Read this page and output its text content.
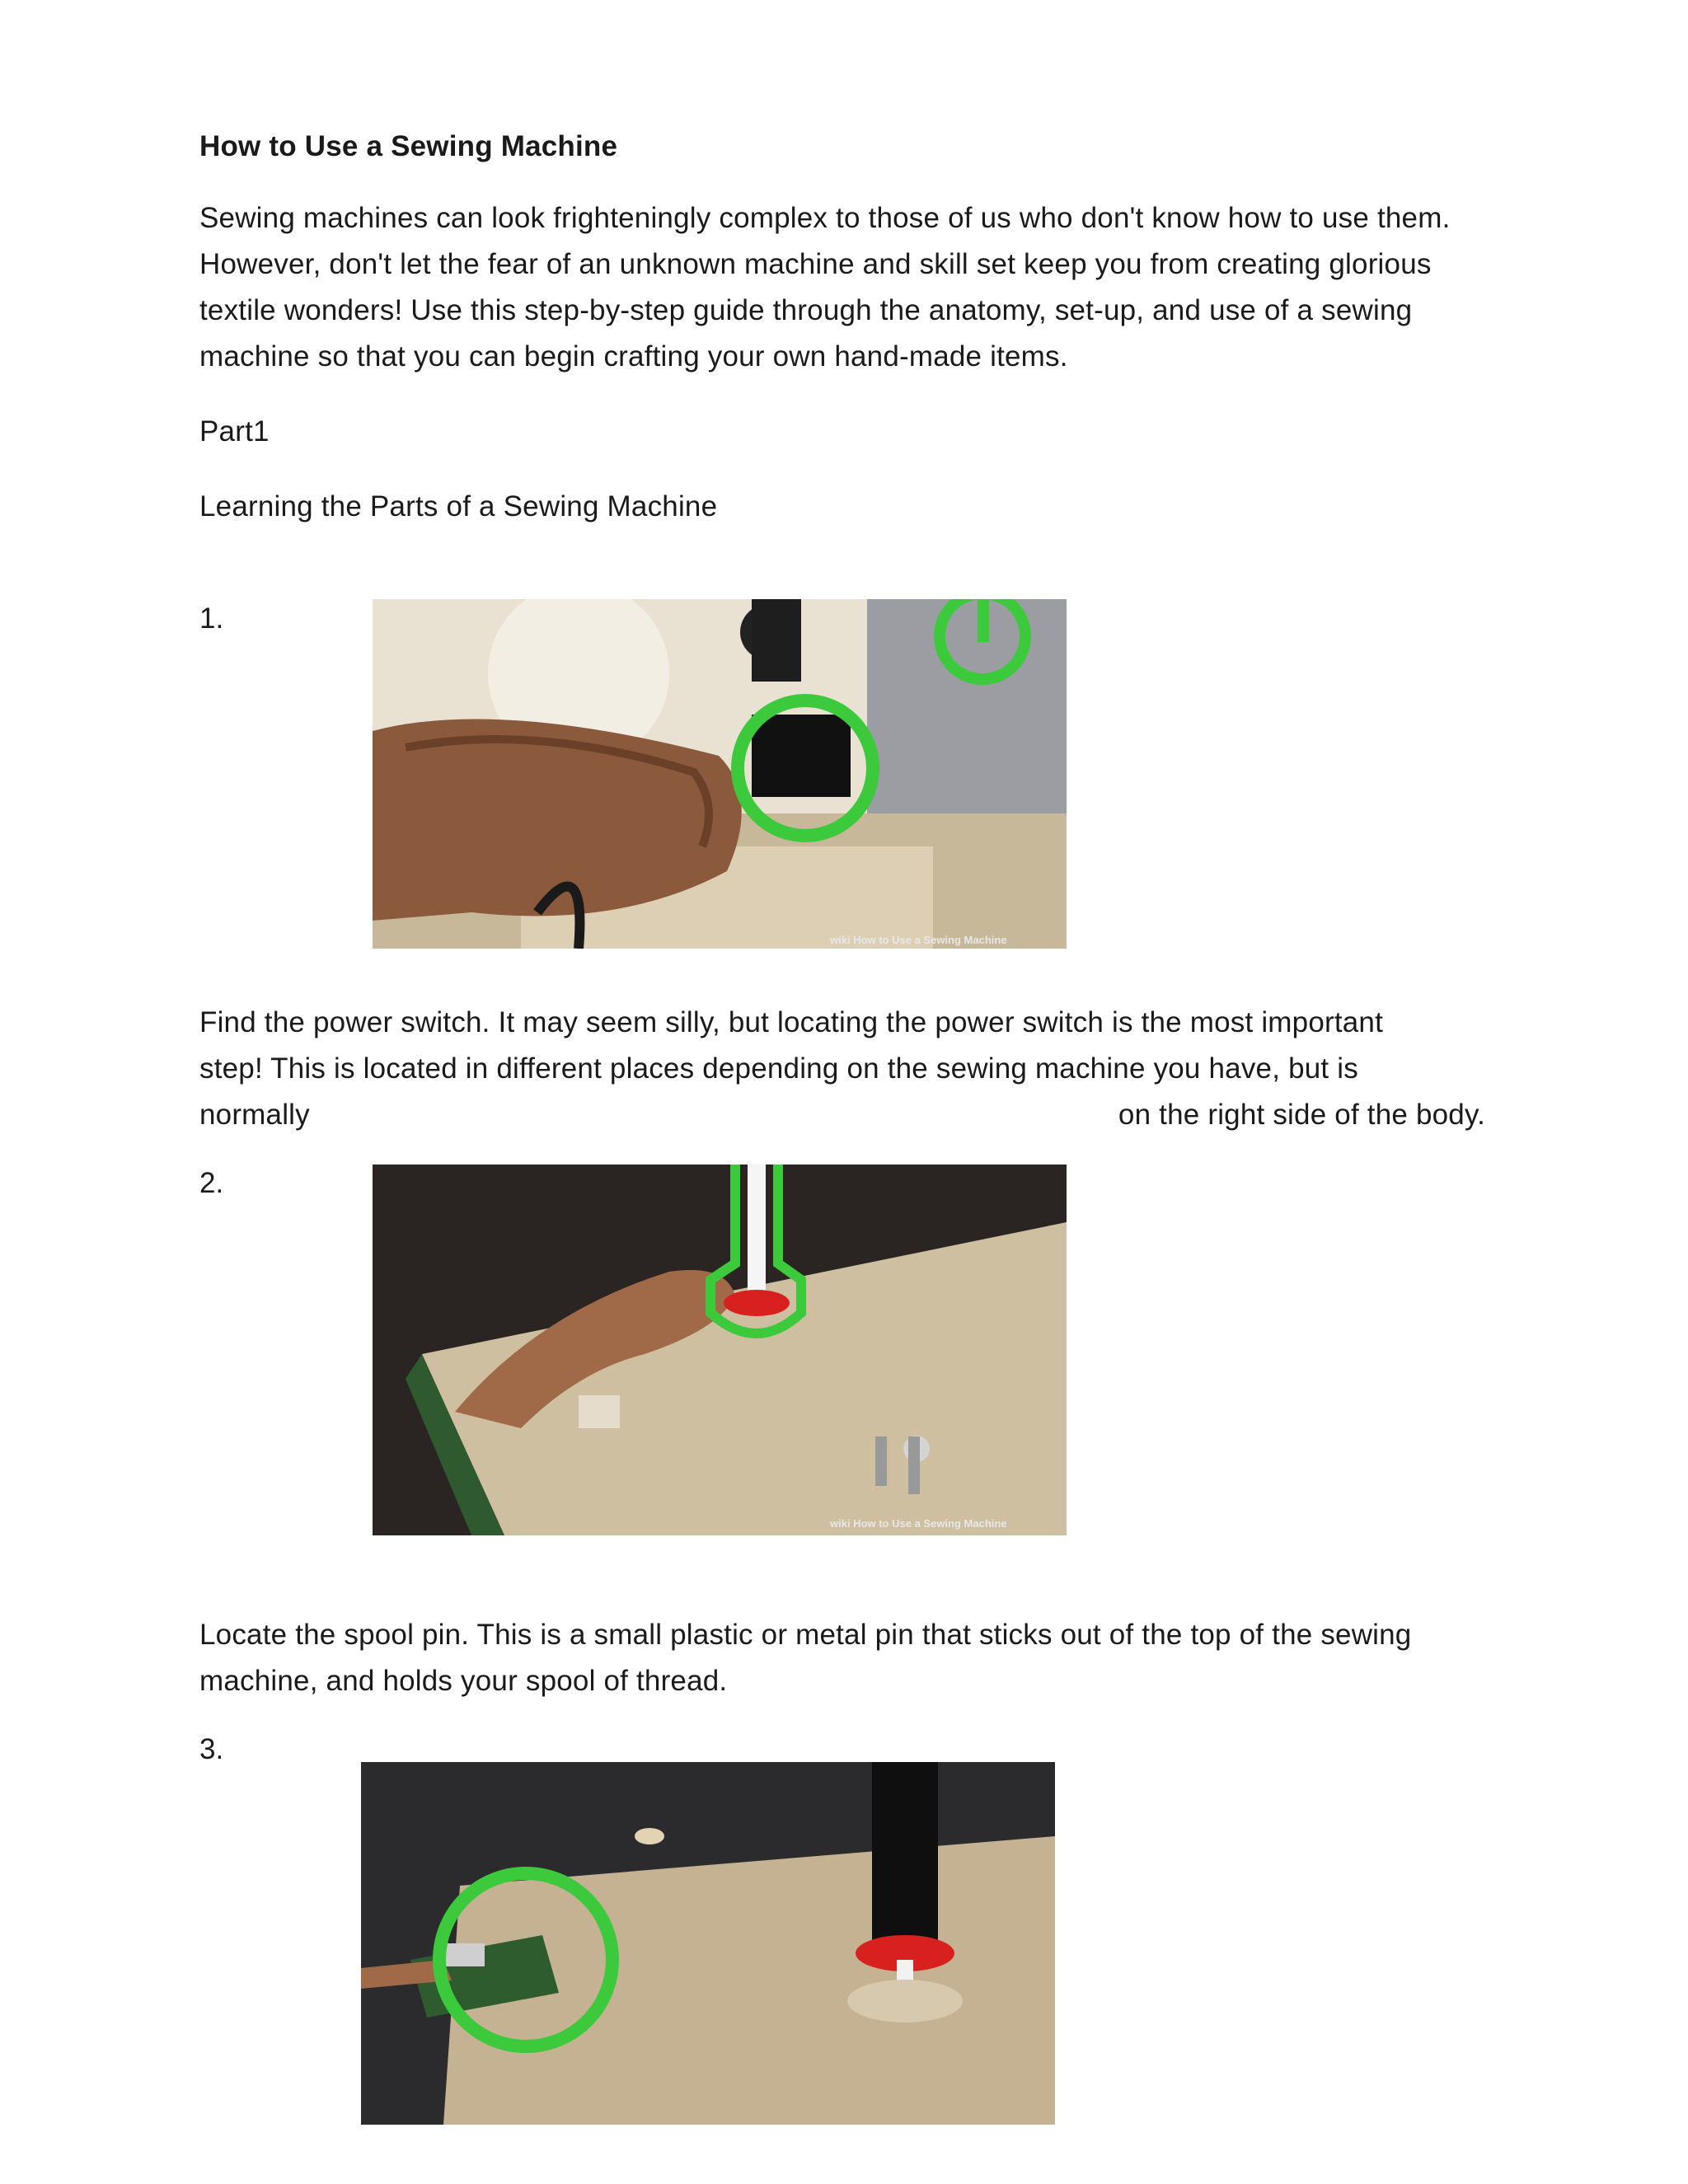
How to Use a Sewing Machine
Sewing machines can look frighteningly complex to those of us who don't know how to use them. However, don't let the fear of an unknown machine and skill set keep you from creating glorious textile wonders! Use this step-by-step guide through the anatomy, set-up, and use of a sewing machine so that you can begin crafting your own hand-made items.
Part1
Learning the Parts of a Sewing Machine
1.
wiki How to Use a Sewing Machine
Find the power switch. It may seem silly, but locating the power switch is the most important
step! This is located in different places depending on the sewing machine you have, but is
normally	on the right side of the body.
2.
wiki How to Use a Sewing Machine
Locate the spool pin. This is a small plastic or metal pin that sticks out of the top of the sewing machine, and holds your spool of thread.
3.
